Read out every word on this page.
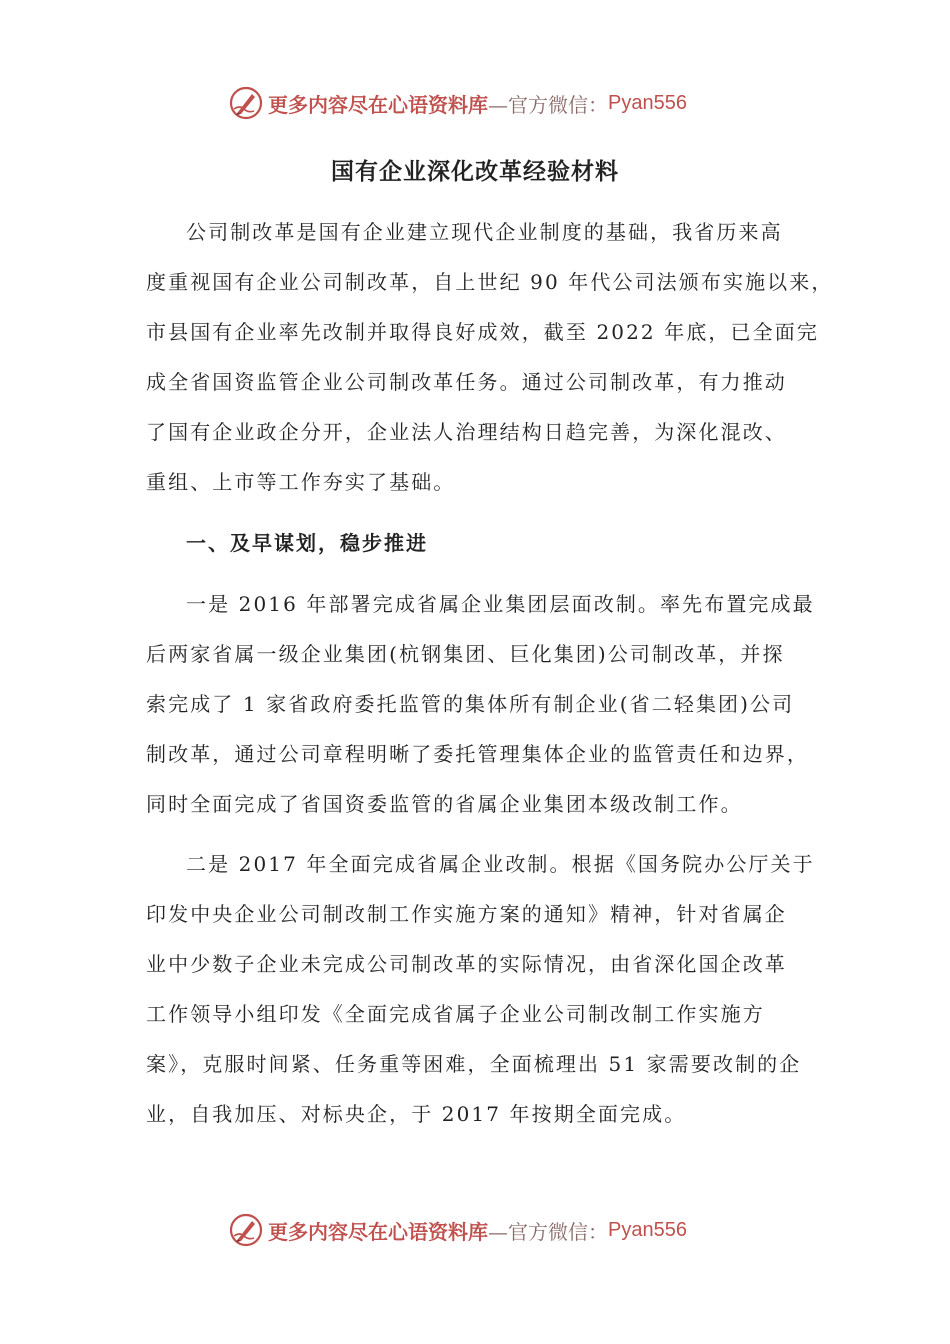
更多内容尽在心语资料库 —官方微信： Pyan556
国有企业深化改革经验材料
公司制改革是国有企业建立现代企业制度的基础，我省历来高
度重视国有企业公司制改革，自上世纪 90 年代公司法颁布实施以来，
市县国有企业率先改制并取得良好成效，截至 2022 年底，已全面完
成全省国资监管企业公司制改革任务。通过公司制改革，有力推动
了国有企业政企分开，企业法人治理结构日趋完善，为深化混改、
重组、上市等工作夯实了基础。
一、及早谋划，稳步推进
一是 2016 年部署完成省属企业集团层面改制。率先布置完成最
后两家省属一级企业集团(杭钢集团、巨化集团)公司制改革，并探
索完成了 1 家省政府委托监管的集体所有制企业(省二轻集团)公司
制改革，通过公司章程明晰了委托管理集体企业的监管责任和边界，
同时全面完成了省国资委监管的省属企业集团本级改制工作。
二是 2017 年全面完成省属企业改制。根据《国务院办公厅关于
印发中央企业公司制改制工作实施方案的通知》精神，针对省属企
业中少数子企业未完成公司制改革的实际情况，由省深化国企改革
工作领导小组印发《全面完成省属子企业公司制改制工作实施方
案》，克服时间紧、任务重等困难，全面梳理出 51 家需要改制的企
业，自我加压、对标央企，于 2017 年按期全面完成。
更多内容尽在心语资料库 —官方微信： Pyan556
